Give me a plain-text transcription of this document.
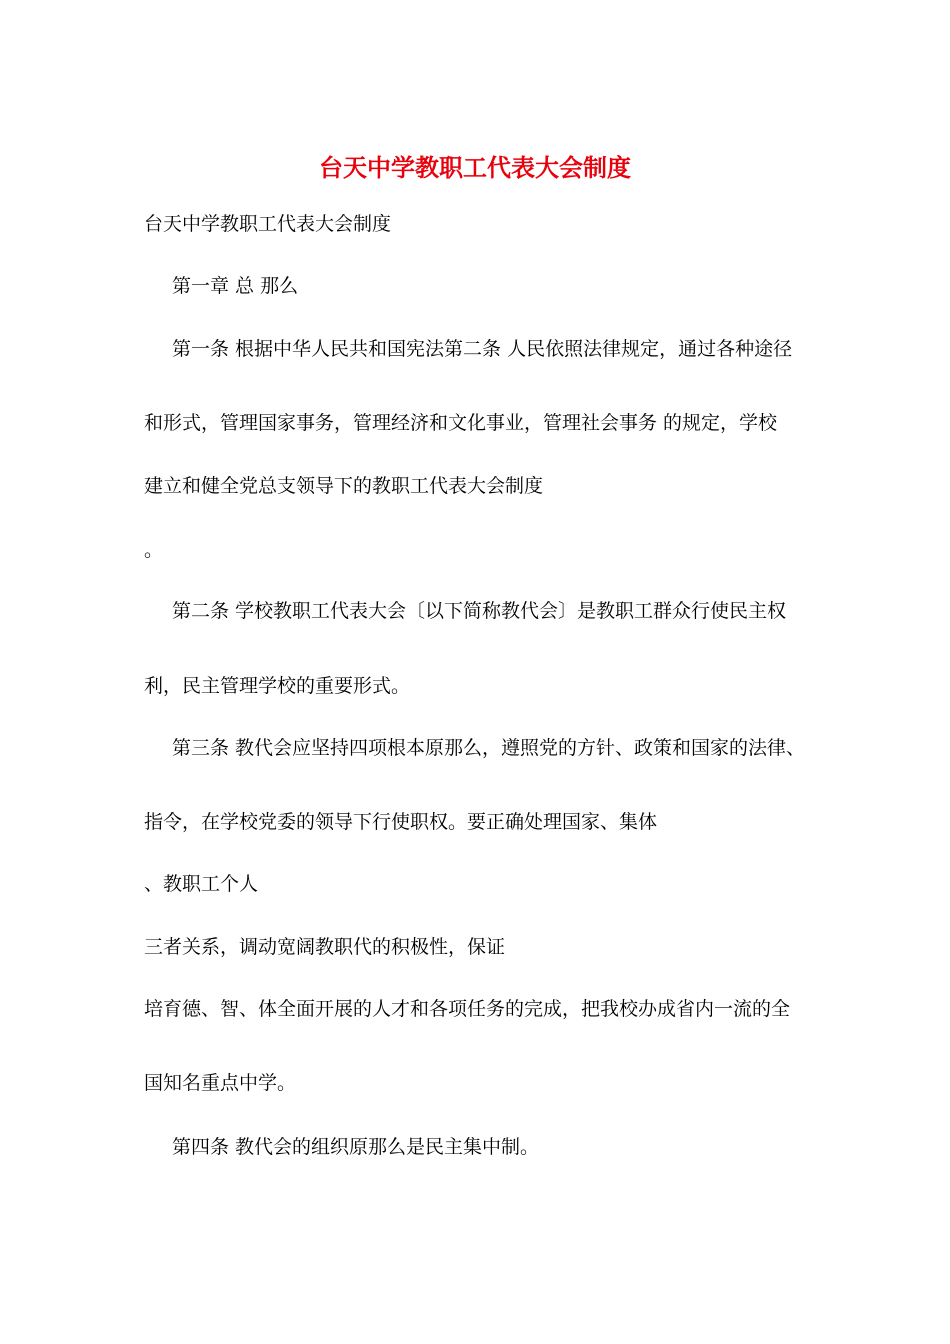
台天中学教职工代表大会制度
台天中学教职工代表大会制度
第一章 总 那么
第一条 根据中华人民共和国宪法第二条 人民依照法律规定，通过各种途径
和形式，管理国家事务，管理经济和文化事业，管理社会事务 的规定，学校
建立和健全党总支领导下的教职工代表大会制度
。
第二条 学校教职工代表大会〔以下简称教代会〕是教职工群众行使民主权
利，民主管理学校的重要形式。
第三条 教代会应坚持四项根本原那么，遵照党的方针、政策和国家的法律、
指令，在学校党委的领导下行使职权。要正确处理国家、集体
、教职工个人
三者关系，调动宽阔教职代的积极性，保证
培育德、智、体全面开展的人才和各项任务的完成，把我校办成省内一流的全
国知名重点中学。
第四条 教代会的组织原那么是民主集中制。
